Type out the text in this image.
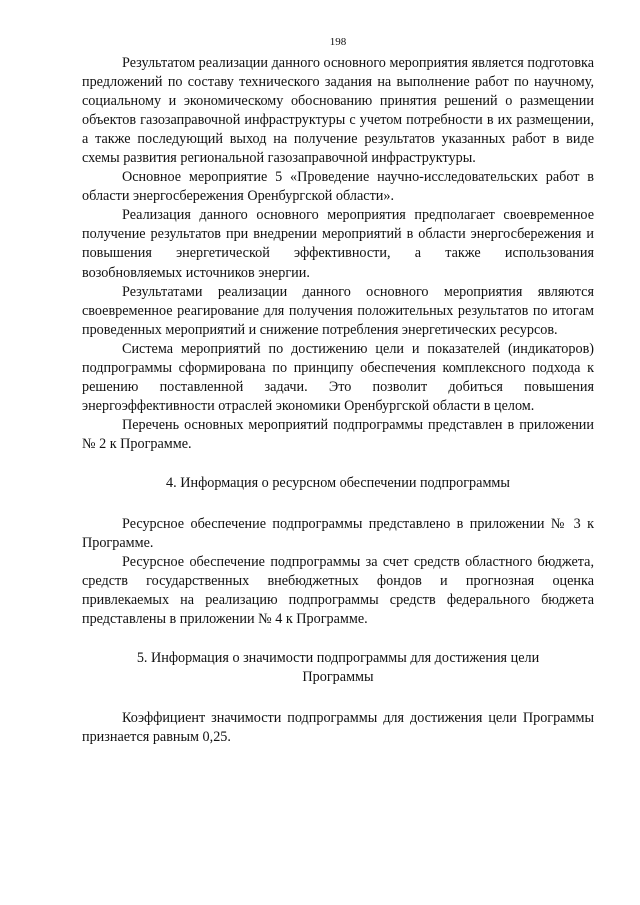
198

Результатом реализации данного основного мероприятия является подготовка предложений по составу технического задания на выполнение работ по научному, социальному и экономическому обоснованию принятия решений о размещении объектов газозаправочной инфраструктуры с учетом потребности в их размещении, а также последующий выход на получение результатов указанных работ в виде схемы развития региональной газозаправочной инфраструктуры.

Основное мероприятие 5 «Проведение научно-исследовательских работ в области энергосбережения Оренбургской области».

Реализация данного основного мероприятия предполагает своевременное получение результатов при внедрении мероприятий в области энергосбережения и повышения энергетической эффективности, а также использования возобновляемых источников энергии.

Результатами реализации данного основного мероприятия являются своевременное реагирование для получения положительных результатов по итогам проведенных мероприятий и снижение потребления энергетических ресурсов.

Система мероприятий по достижению цели и показателей (индикаторов) подпрограммы сформирована по принципу обеспечения комплексного подхода к решению поставленной задачи. Это позволит добиться повышения энергоэффективности отраслей экономики Оренбургской области в целом.

Перечень основных мероприятий подпрограммы представлен в приложении № 2 к Программе.

4. Информация о ресурсном обеспечении подпрограммы

Ресурсное обеспечение подпрограммы представлено в приложении № 3 к Программе.

Ресурсное обеспечение подпрограммы за счет средств областного бюджета, средств государственных внебюджетных фондов и прогнозная оценка привлекаемых на реализацию подпрограммы средств федерального бюджета представлены в приложении № 4 к Программе.

5. Информация о значимости подпрограммы для достижения цели
Программы

Коэффициент значимости подпрограммы для достижения цели Программы признается равным 0,25.
